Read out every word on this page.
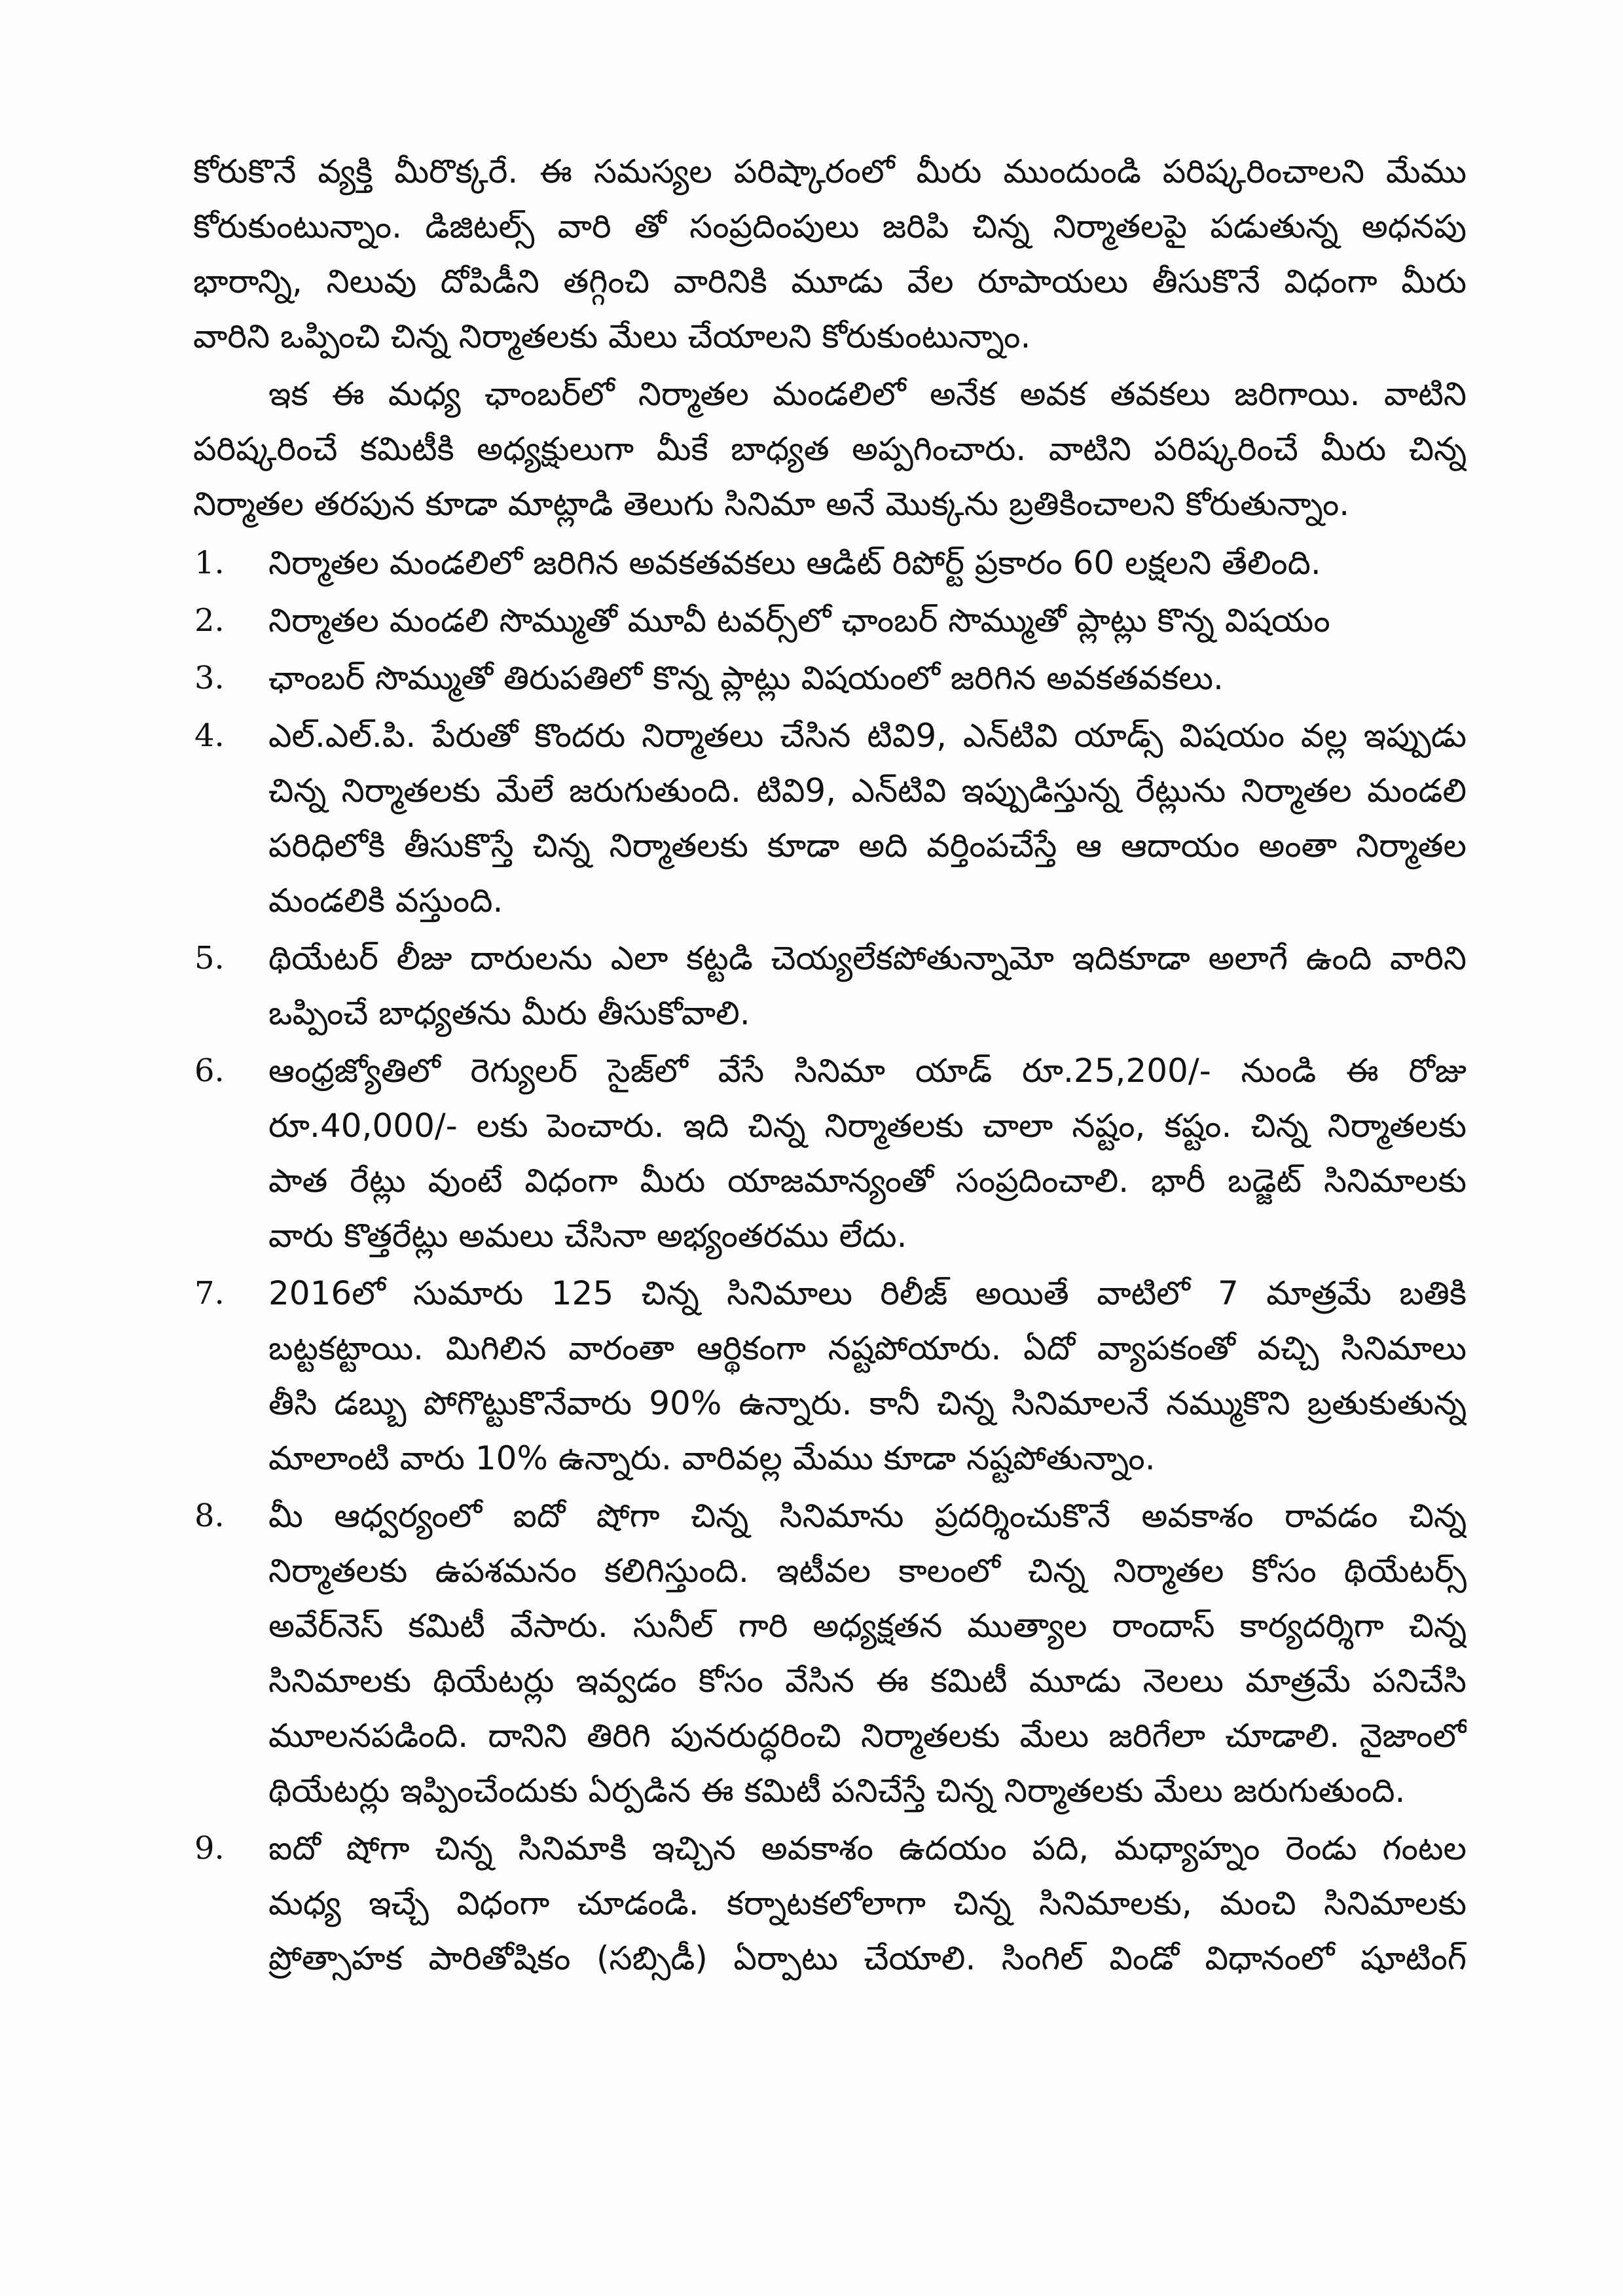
కోరుకొనే వ్యక్తి మీరొక్కరే. ఈ సమస్యల పరిష్కారంలో మీరు ముందుండి పరిష్కరించాలని మేము
కోరుకుంటున్నాం. డిజిటల్స్ వారి తో సంప్రదింపులు జరిపి చిన్న నిర్మాతలపై పడుతున్న అధనపు
భారాన్ని, నిలువు దోపిడీని తగ్గించి వారినికి మూడు వేల రూపాయలు తీసుకొనే విధంగా మీరు
వారిని ఒప్పించి చిన్న నిర్మాతలకు మేలు చేయాలని కోరుకుంటున్నాం.
ఇక ఈ మధ్య ఛాంబర్‌లో నిర్మాతల మండలిలో అనేక అవక తవకలు జరిగాయి. వాటిని
పరిష్కరించే కమిటీకి అధ్యక్షులుగా మీకే బాధ్యత అప్పగించారు. వాటిని పరిష్కరించే మీరు చిన్న
నిర్మాతల తరపున కూడా మాట్లాడి తెలుగు సినిమా అనే మొక్కను బ్రతికించాలని కోరుతున్నాం.
1.	నిర్మాతల మండలిలో జరిగిన అవకతవకలు ఆడిట్ రిపోర్ట్ ప్రకారం 60 లక్షలని తేలింది.
2.	నిర్మాతల మండలి సొమ్ముతో మూవీ టవర్స్‌లో ఛాంబర్ సొమ్ముతో ప్లాట్లు కొన్న విషయం
3.	ఛాంబర్ సొమ్ముతో తిరుపతిలో కొన్న ప్లాట్లు విషయంలో జరిగిన అవకతవకలు.
4.	ఎల్.ఎల్.పి. పేరుతో కొందరు నిర్మాతలు చేసిన టివి9, ఎన్‌టివి యాడ్స్ విషయం వల్ల ఇప్పుడు
చిన్న నిర్మాతలకు మేలే జరుగుతుంది. టివి9, ఎన్‌టివి ఇప్పుడిస్తున్న రేట్లును నిర్మాతల మండలి
పరిధిలోకి తీసుకొస్తే చిన్న నిర్మాతలకు కూడా అది వర్తింపచేస్తే ఆ ఆదాయం అంతా నిర్మాతల
మండలికి వస్తుంది.
5.	థియేటర్ లీజు దారులను ఎలా కట్టడి చెయ్యలేకపోతున్నామో ఇదికూడా అలాగే ఉంది వారిని
ఒప్పించే బాధ్యతను మీరు తీసుకోవాలి.
6.	ఆంధ్రజ్యోతిలో రెగ్యులర్ సైజ్‌లో వేసే సినిమా యాడ్ రూ.25,200/- నుండి ఈ రోజు
రూ.40,000/- లకు పెంచారు. ఇది చిన్న నిర్మాతలకు చాలా నష్టం, కష్టం. చిన్న నిర్మాతలకు
పాత రేట్లు వుంటే విధంగా మీరు యాజమాన్యంతో సంప్రదించాలి. భారీ బడ్జెట్ సినిమాలకు
వారు కొత్తరేట్లు అమలు చేసినా అభ్యంతరము లేదు.
7.	2016లో సుమారు 125 చిన్న సినిమాలు రిలీజ్ అయితే వాటిలో 7 మాత్రమే బతికి
బట్టకట్టాయి. మిగిలిన వారంతా ఆర్థికంగా నష్టపోయారు. ఏదో వ్యాపకంతో వచ్చి సినిమాలు
తీసి డబ్బు పోగొట్టుకొనేవారు 90% ఉన్నారు. కానీ చిన్న సినిమాలనే నమ్ముకొని బ్రతుకుతున్న
మాలాంటి వారు 10% ఉన్నారు. వారివల్ల మేము కూడా నష్టపోతున్నాం.
8.	మీ ఆధ్వర్యంలో ఐదో షోగా చిన్న సినిమాను ప్రదర్శించుకొనే అవకాశం రావడం చిన్న
నిర్మాతలకు ఉపశమనం కలిగిస్తుంది. ఇటీవల కాలంలో చిన్న నిర్మాతల కోసం థియేటర్స్
అవేర్‌నెస్ కమిటీ వేసారు. సునీల్ గారి అధ్యక్షతన ముత్యాల రాందాస్ కార్యదర్శిగా చిన్న
సినిమాలకు థియేటర్లు ఇవ్వడం కోసం వేసిన ఈ కమిటీ మూడు నెలలు మాత్రమే పనిచేసి
మూలనపడింది. దానిని తిరిగి పునరుద్ధరించి నిర్మాతలకు మేలు జరిగేలా చూడాలి. నైజాంలో
థియేటర్లు ఇప్పించేందుకు ఏర్పడిన ఈ కమిటీ పనిచేస్తే చిన్న నిర్మాతలకు మేలు జరుగుతుంది.
9.	ఐదో షోగా చిన్న సినిమాకి ఇచ్చిన అవకాశం ఉదయం పది, మధ్యాహ్నం రెండు గంటల
మధ్య ఇచ్చే విధంగా చూడండి. కర్నాటకలోలాగా చిన్న సినిమాలకు, మంచి సినిమాలకు
ప్రోత్సాహక పారితోషికం (సబ్సిడీ) ఏర్పాటు చేయాలి. సింగిల్ విండో విధానంలో షూటింగ్
